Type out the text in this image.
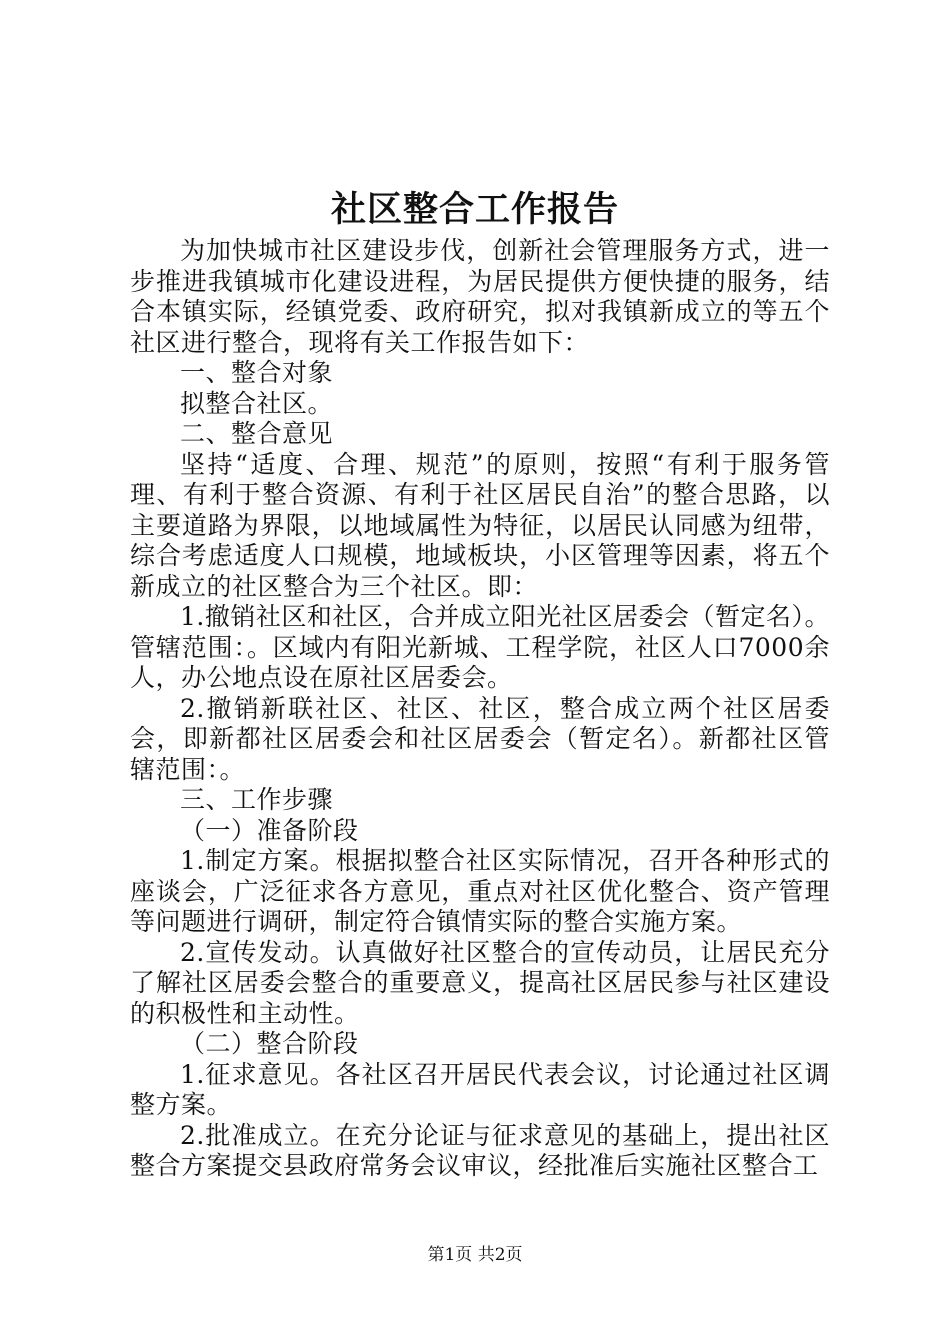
社区整合工作报告

为加快城市社区建设步伐，创新社会管理服务方式，进一步推进我镇城市化建设进程，为居民提供方便快捷的服务，结合本镇实际，经镇党委、政府研究，拟对我镇新成立的等五个社区进行整合，现将有关工作报告如下：

一、整合对象

拟整合社区。

二、整合意见

坚持“适度、合理、规范”的原则，按照“有利于服务管理、有利于整合资源、有利于社区居民自治”的整合思路，以主要道路为界限，以地域属性为特征，以居民认同感为纽带，综合考虑适度人口规模，地域板块，小区管理等因素，将五个新成立的社区整合为三个社区。即：

1.撤销社区和社区，合并成立阳光社区居委会（暂定名）。管辖范围：。区域内有阳光新城、工程学院，社区人口7000余人，办公地点设在原社区居委会。

2.撤销新联社区、社区、社区，整合成立两个社区居委会，即新都社区居委会和社区居委会（暂定名）。新都社区管辖范围：。

三、工作步骤

（一）准备阶段

1.制定方案。根据拟整合社区实际情况，召开各种形式的座谈会，广泛征求各方意见，重点对社区优化整合、资产管理等问题进行调研，制定符合镇情实际的整合实施方案。

2.宣传发动。认真做好社区整合的宣传动员，让居民充分了解社区居委会整合的重要意义，提高社区居民参与社区建设的积极性和主动性。

（二）整合阶段

1.征求意见。各社区召开居民代表会议，讨论通过社区调整方案。

2.批准成立。在充分论证与征求意见的基础上，提出社区整合方案提交县政府常务会议审议，经批准后实施社区整合工

第1页 共2页
